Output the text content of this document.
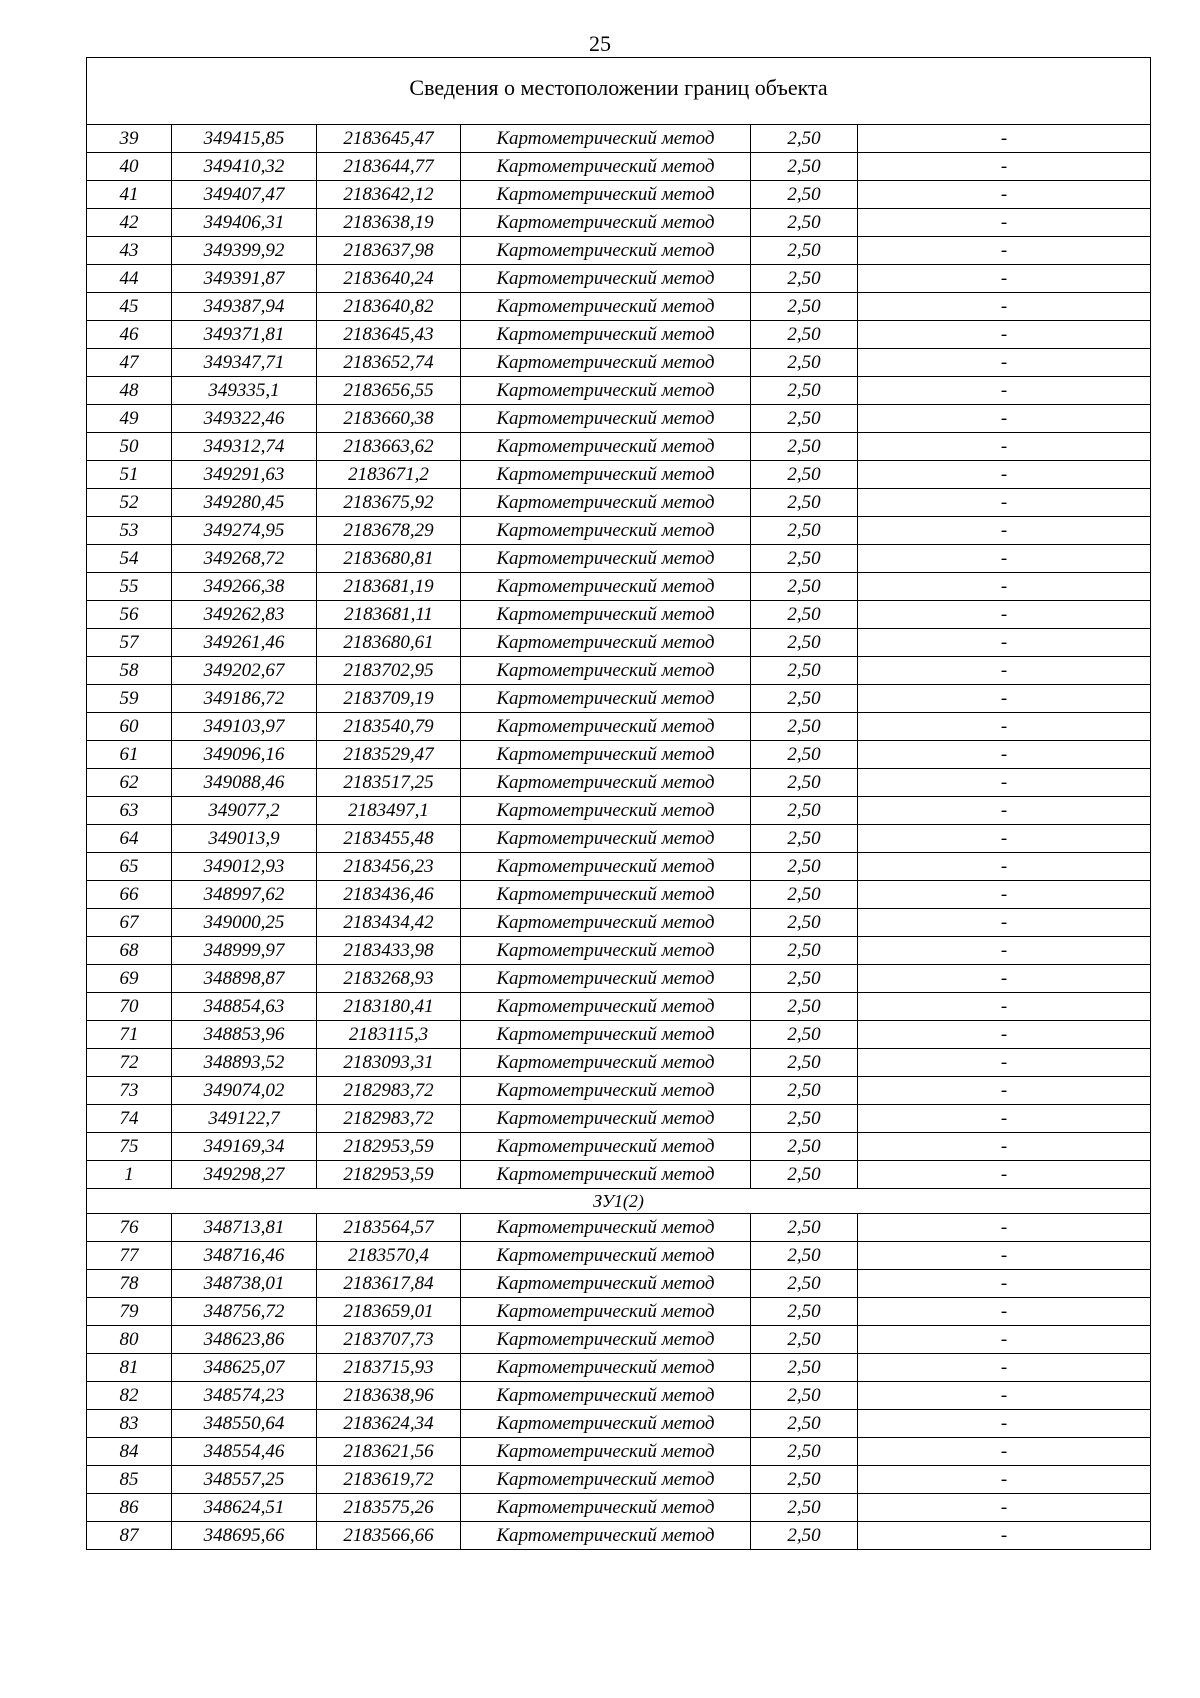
25
Сведения о местоположении границ объекта					
39	349415,85	2183645,47	Картометрический метод	2,50	-
40	349410,32	2183644,77	Картометрический метод	2,50	-
41	349407,47	2183642,12	Картометрический метод	2,50	-
42	349406,31	2183638,19	Картометрический метод	2,50	-
43	349399,92	2183637,98	Картометрический метод	2,50	-
44	349391,87	2183640,24	Картометрический метод	2,50	-
45	349387,94	2183640,82	Картометрический метод	2,50	-
46	349371,81	2183645,43	Картометрический метод	2,50	-
47	349347,71	2183652,74	Картометрический метод	2,50	-
48	349335,1	2183656,55	Картометрический метод	2,50	-
49	349322,46	2183660,38	Картометрический метод	2,50	-
50	349312,74	2183663,62	Картометрический метод	2,50	-
51	349291,63	2183671,2	Картометрический метод	2,50	-
52	349280,45	2183675,92	Картометрический метод	2,50	-
53	349274,95	2183678,29	Картометрический метод	2,50	-
54	349268,72	2183680,81	Картометрический метод	2,50	-
55	349266,38	2183681,19	Картометрический метод	2,50	-
56	349262,83	2183681,11	Картометрический метод	2,50	-
57	349261,46	2183680,61	Картометрический метод	2,50	-
58	349202,67	2183702,95	Картометрический метод	2,50	-
59	349186,72	2183709,19	Картометрический метод	2,50	-
60	349103,97	2183540,79	Картометрический метод	2,50	-
61	349096,16	2183529,47	Картометрический метод	2,50	-
62	349088,46	2183517,25	Картометрический метод	2,50	-
63	349077,2	2183497,1	Картометрический метод	2,50	-
64	349013,9	2183455,48	Картометрический метод	2,50	-
65	349012,93	2183456,23	Картометрический метод	2,50	-
66	348997,62	2183436,46	Картометрический метод	2,50	-
67	349000,25	2183434,42	Картометрический метод	2,50	-
68	348999,97	2183433,98	Картометрический метод	2,50	-
69	348898,87	2183268,93	Картометрический метод	2,50	-
70	348854,63	2183180,41	Картометрический метод	2,50	-
71	348853,96	2183115,3	Картометрический метод	2,50	-
72	348893,52	2183093,31	Картометрический метод	2,50	-
73	349074,02	2182983,72	Картометрический метод	2,50	-
74	349122,7	2182983,72	Картометрический метод	2,50	-
75	349169,34	2182953,59	Картометрический метод	2,50	-
1	349298,27	2182953,59	Картометрический метод	2,50	-
ЗУ1(2)					
76	348713,81	2183564,57	Картометрический метод	2,50	-
77	348716,46	2183570,4	Картометрический метод	2,50	-
78	348738,01	2183617,84	Картометрический метод	2,50	-
79	348756,72	2183659,01	Картометрический метод	2,50	-
80	348623,86	2183707,73	Картометрический метод	2,50	-
81	348625,07	2183715,93	Картометрический метод	2,50	-
82	348574,23	2183638,96	Картометрический метод	2,50	-
83	348550,64	2183624,34	Картометрический метод	2,50	-
84	348554,46	2183621,56	Картометрический метод	2,50	-
85	348557,25	2183619,72	Картометрический метод	2,50	-
86	348624,51	2183575,26	Картометрический метод	2,50	-
87	348695,66	2183566,66	Картометрический метод	2,50	-
